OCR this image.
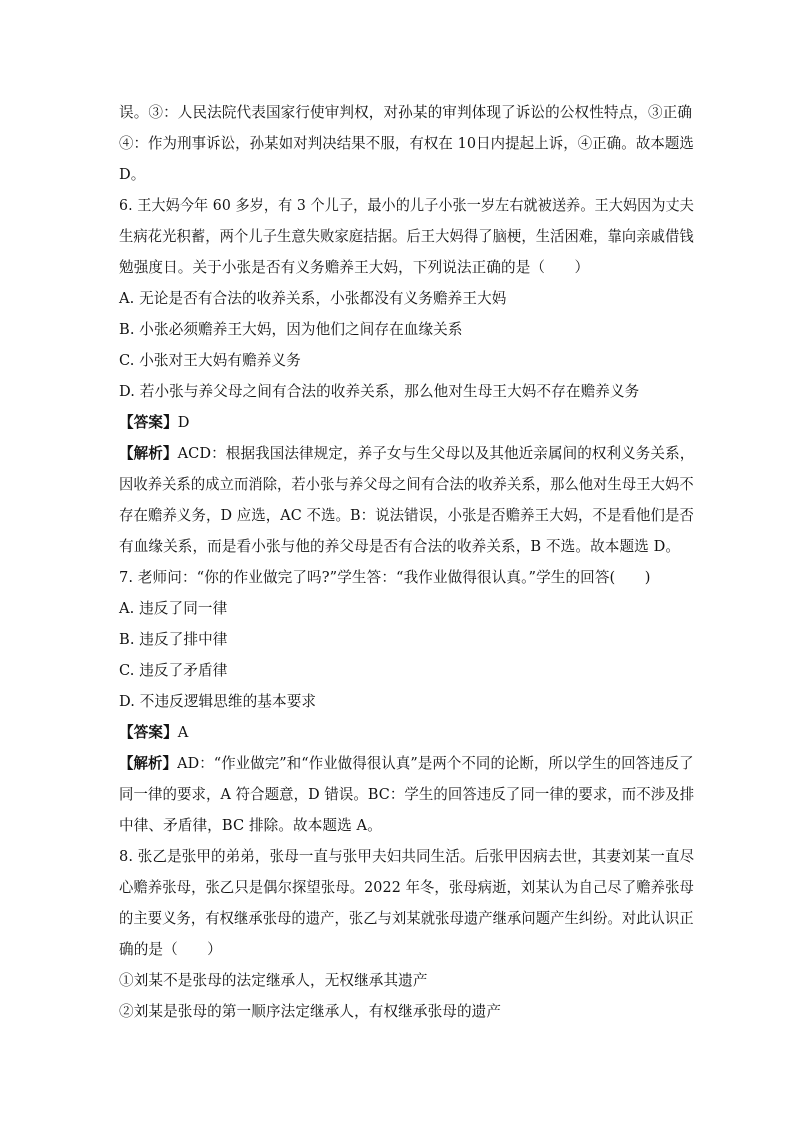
误。③：人民法院代表国家行使审判权，对孙某的审判体现了诉讼的公权性特点，③正确
④：作为刑事诉讼，孙某如对判决结果不服，有权在 10日内提起上诉，④正确。故本题选
D。
6. 王大妈今年 60 多岁，有 3 个儿子，最小的儿子小张一岁左右就被送养。王大妈因为丈夫
生病花光积蓄，两个儿子生意失败家庭拮据。后王大妈得了脑梗，生活困难，靠向亲戚借钱
勉强度日。关于小张是否有义务赡养王大妈，下列说法正确的是（　　）
A. 无论是否有合法的收养关系，小张都没有义务赡养王大妈
B. 小张必须赡养王大妈，因为他们之间存在血缘关系
C. 小张对王大妈有赡养义务
D. 若小张与养父母之间有合法的收养关系，那么他对生母王大妈不存在赡养义务
【答案】D
【解析】ACD：根据我国法律规定，养子女与生父母以及其他近亲属间的权利义务关系，
因收养关系的成立而消除，若小张与养父母之间有合法的收养关系，那么他对生母王大妈不
存在赡养义务，D 应选，AC 不选。B：说法错误，小张是否赡养王大妈，不是看他们是否
有血缘关系，而是看小张与他的养父母是否有合法的收养关系，B 不选。故本题选 D。
7. 老师问：“你的作业做完了吗?”学生答：“我作业做得很认真。”学生的回答(　　)
A. 违反了同一律
B. 违反了排中律
C. 违反了矛盾律
D. 不违反逻辑思维的基本要求
【答案】A
【解析】AD：“作业做完”和“作业做得很认真”是两个不同的论断，所以学生的回答违反了
同一律的要求，A 符合题意，D 错误。BC：学生的回答违反了同一律的要求，而不涉及排
中律、矛盾律，BC 排除。故本题选 A。
8. 张乙是张甲的弟弟，张母一直与张甲夫妇共同生活。后张甲因病去世，其妻刘某一直尽
心赡养张母，张乙只是偶尔探望张母。2022 年冬，张母病逝，刘某认为自己尽了赡养张母
的主要义务，有权继承张母的遗产，张乙与刘某就张母遗产继承问题产生纠纷。对此认识正
确的是（　　）
①刘某不是张母的法定继承人，无权继承其遗产
②刘某是张母的第一顺序法定继承人，有权继承张母的遗产
